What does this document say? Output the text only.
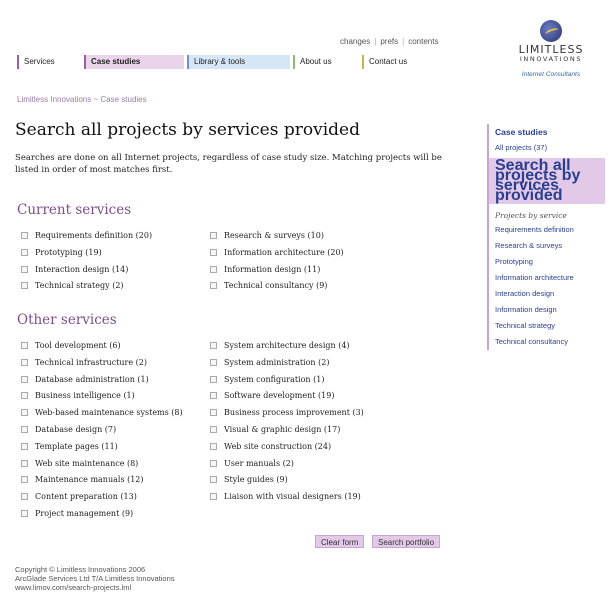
changes | prefs | contents
LIMITLESS
INNOVATIONS
Internet Consultants
Services	Case studies	Library & tools	About us	Contact us
Limitless Innovations ~ Case studies
Search all projects by services provided

Searches are done on all Internet projects, regardless of case study size. Matching projects will be listed in order of most matches first.

Current services
Requirements definition (20)
Prototyping (19)
Interaction design (14)
Technical strategy (2)
Research & surveys (10)
Information architecture (20)
Information design (11)
Technical consultancy (9)
Other services
Tool development (6)
Technical infrastructure (2)
Database administration (1)
Business intelligence (1)
Web-based maintenance systems (8)
Database design (7)
Template pages (11)
Web site maintenance (8)
Maintenance manuals (12)
Content preparation (13)
Project management (9)
System architecture design (4)
System administration (2)
System configuration (1)
Software development (19)
Business process improvement (3)
Visual & graphic design (17)
Web site construction (24)
User manuals (2)
Style guides (9)
Liaison with visual designers (19)
Clear form	Search portfolio
Case studies
All projects (37)
Search all projects by services provided
Projects by service
Requirements definition
Research & surveys
Prototyping
Information architecture
Interaction design
Information design
Technical strategy
Technical consultancy
Copyright © Limitless Innovations 2006
ArcGlade Services Ltd T/A Limitless Innovations
www.limov.com/search-projects.lml
